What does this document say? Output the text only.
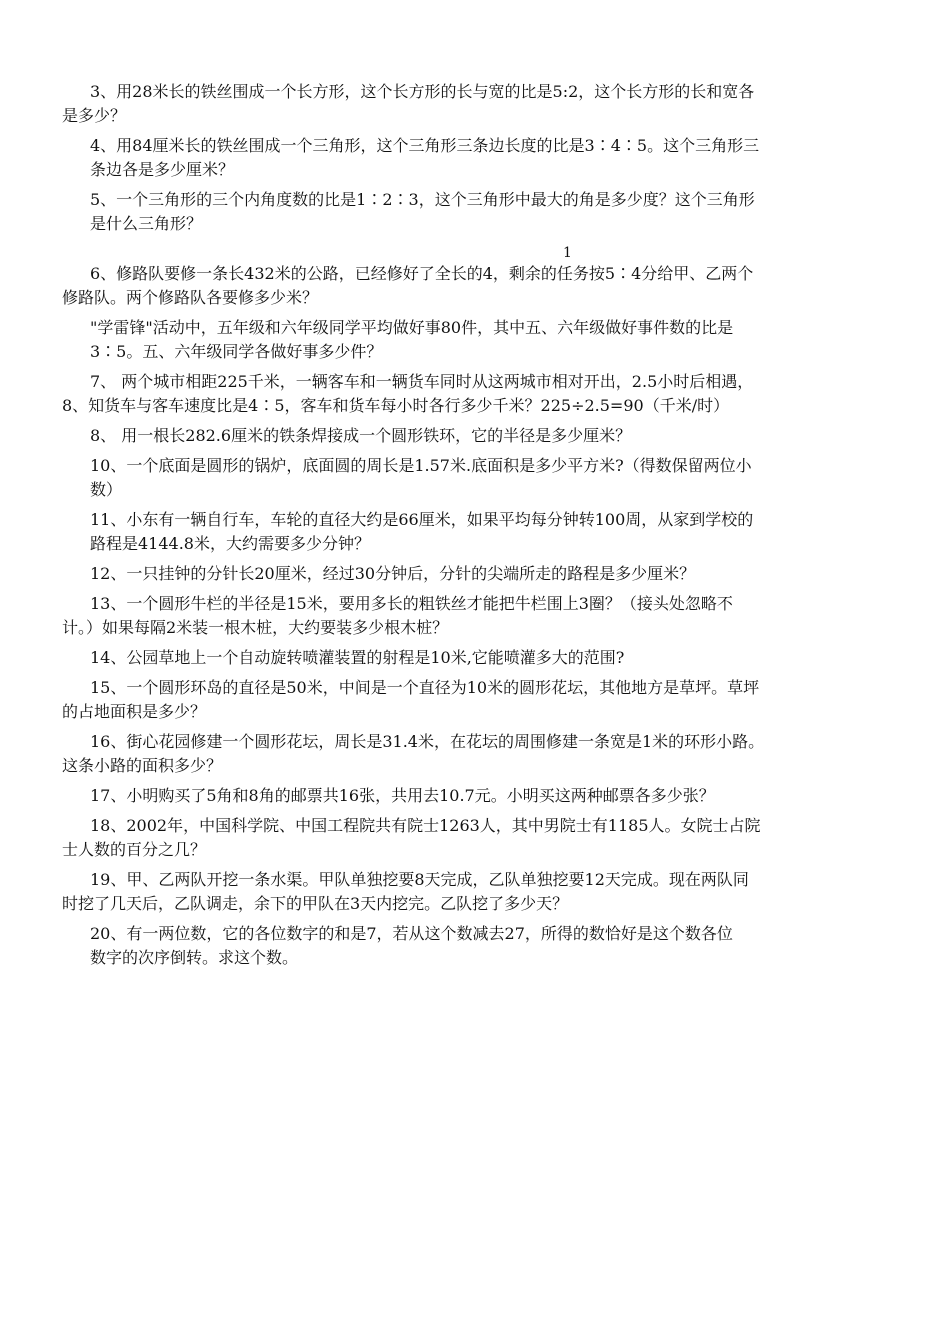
3、用28米长的铁丝围成一个长方形，这个长方形的长与宽的比是5:2，这个长方形的长和宽各
是多少？
4、用84厘米长的铁丝围成一个三角形，这个三角形三条边长度的比是3∶4∶5。这个三角形三
条边各是多少厘米？
5、一个三角形的三个内角度数的比是1∶2∶3，这个三角形中最大的角是多少度？这个三角形
是什么三角形？
1
6、修路队要修一条长432米的公路，已经修好了全长的4，剩余的任务按5∶4分给甲、乙两个
修路队。两个修路队各要修多少米？
"学雷锋"活动中，五年级和六年级同学平均做好事80件，其中五、六年级做好事件数的比是
3∶5。五、六年级同学各做好事多少件？
7、 两个城市相距225千米，一辆客车和一辆货车同时从这两城市相对开出，2.5小时后相遇，
8、知货车与客车速度比是4∶5，客车和货车每小时各行多少千米？225÷2.5=90（千米/时）
8、 用一根长282.6厘米的铁条焊接成一个圆形铁环，它的半径是多少厘米？
10、一个底面是圆形的锅炉，底面圆的周长是1.57米.底面积是多少平方米?（得数保留两位小
数）
11、小东有一辆自行车，车轮的直径大约是66厘米，如果平均每分钟转100周，从家到学校的
路程是4144.8米，大约需要多少分钟？
12、一只挂钟的分针长20厘米，经过30分钟后，分针的尖端所走的路程是多少厘米？
13、一个圆形牛栏的半径是15米，要用多长的粗铁丝才能把牛栏围上3圈？（接头处忽略不
计。）如果每隔2米装一根木桩，大约要装多少根木桩？
14、公园草地上一个自动旋转喷灌装置的射程是10米,它能喷灌多大的范围?
15、一个圆形环岛的直径是50米，中间是一个直径为10米的圆形花坛，其他地方是草坪。草坪
的占地面积是多少？
16、街心花园修建一个圆形花坛，周长是31.4米，在花坛的周围修建一条宽是1米的环形小路。
这条小路的面积多少？
17、小明购买了5角和8角的邮票共16张，共用去10.7元。小明买这两种邮票各多少张？
18、2002年，中国科学院、中国工程院共有院士1263人，其中男院士有1185人。女院士占院
士人数的百分之几？
19、甲、乙两队开挖一条水渠。甲队单独挖要8天完成，乙队单独挖要12天完成。现在两队同
时挖了几天后，乙队调走，余下的甲队在3天内挖完。乙队挖了多少天？
20、有一两位数，它的各位数字的和是7，若从这个数减去27，所得的数恰好是这个数各位
数字的次序倒转。求这个数。
